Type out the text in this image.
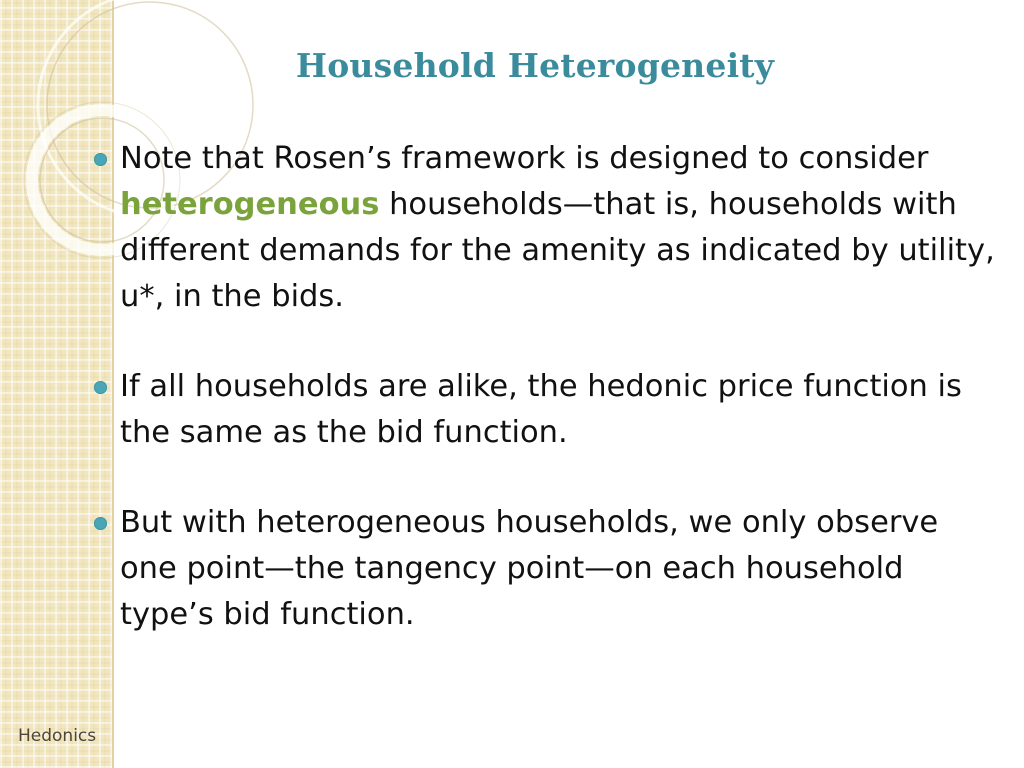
Household Heterogeneity
Note that Rosen’s framework is designed to consider heterogeneous households—that is, households with different demands for the amenity as indicated by utility, u*, in the bids.
If all households are alike, the hedonic price function is the same as the bid function.
But with heterogeneous households, we only observe one point—the tangency point—on each household type’s bid function.
Hedonics
